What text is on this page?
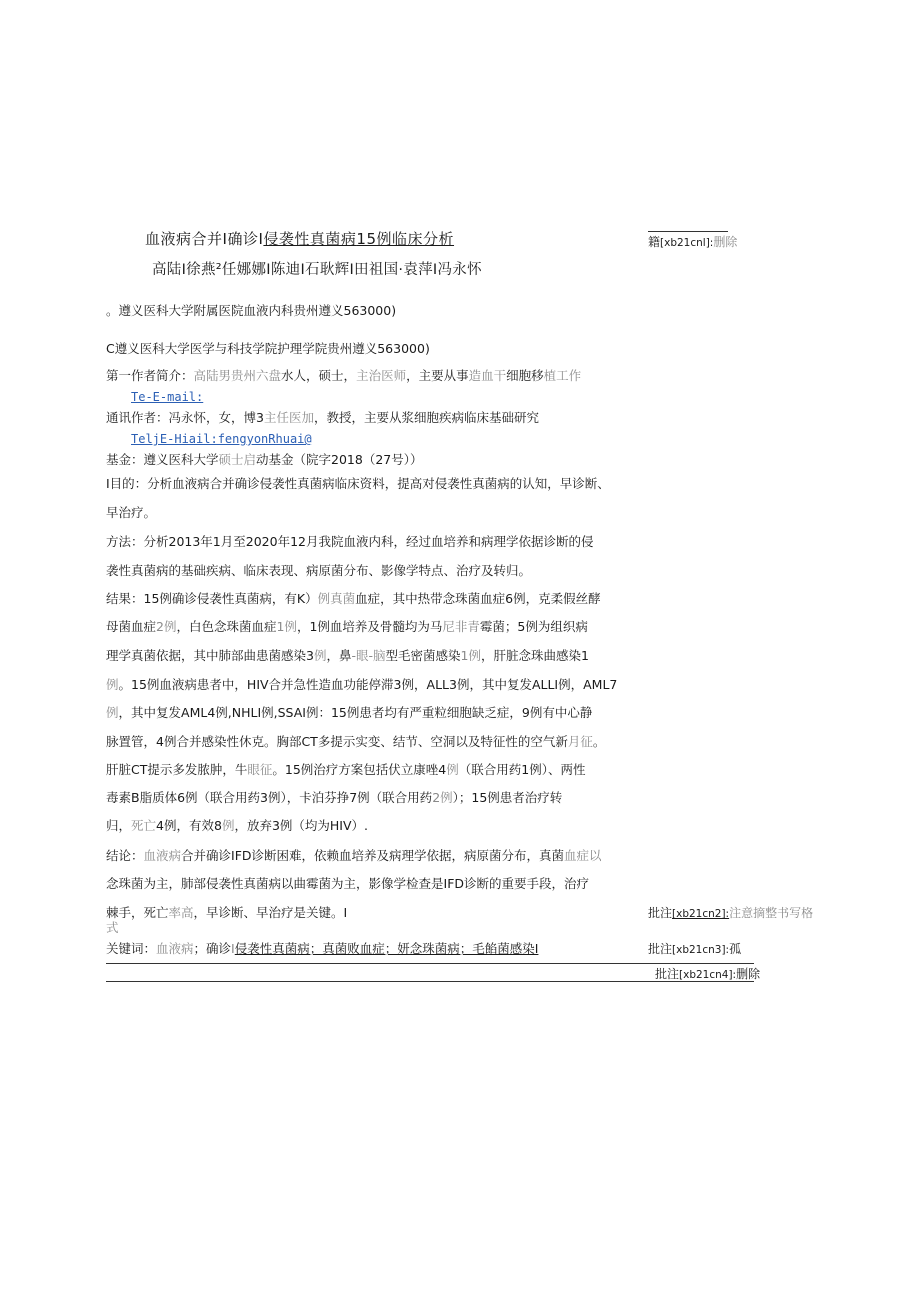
血液病合并I确诊I侵袭性真菌病15例临床分析
高陆I徐燕²任娜娜I陈迪I石耿辉I田祖国·袁萍I冯永怀
。遵义医科大学附属医院血液内科贵州遵义563000)
C遵义医科大学医学与科技学院护理学院贵州遵义563000)
第一作者简介：高陆男贵州六盘水人，硕士，主治医师，主要从事造血干细胞移植工作
Te-E-mail:
通讯作者：冯永怀，女，博3主任医加，教授，主要从浆细胞疾病临床基础研究
TeljE-Hiail:fengyonRhuai@
基金：遵义医科大学硕士启动基金（院字2018（27号））
I目的：分析血液病合并确诊侵袭性真菌病临床资料，提高对侵袭性真菌病的认知，早诊断、
早治疗。
方法：分析2013年1月至2020年12月我院血液内科，经过血培养和病理学依据诊断的侵
袭性真菌病的基础疾病、临床表现、病原菌分布、影像学特点、治疗及转归。
结果：15例确诊侵袭性真菌病，有K）例真菌血症，其中热带念珠菌血症6例，克柔假丝酵
母菌血症2例，白色念珠菌血症1例，1例血培养及骨髓均为马尼非青霉菌；5例为组织病
理学真菌依据，其中肺部曲患菌感染3例，鼻-眼-脑型毛密菌感染1例，肝脏念珠曲感染1
例。15例血液病患者中，HIV合并急性造血功能停滞3例，ALL3例，其中复发ALLI例，AML7
例，其中复发AML4例,NHLI例,SSAI例：15例患者均有严重粒细胞缺乏症，9例有中心静
脉置管，4例合并感染性休克。胸部CT多提示实变、结节、空洞以及特征性的空气新月征。
肝脏CT提示多发脓肿，牛眼征。15例治疗方案包括伏立康唑4例（联合用药1例）、两性
毒素B脂质体6例（联合用药3例），卡泊芬挣7例（联合用药2例）；15例患者治疗转
归，死亡4例，有效8例，放弃3例（均为HIV）.
结论：血液病合并确诊IFD诊断困难，依赖血培养及病理学依据，病原菌分布，真菌血症以
念珠菌为主，肺部侵袭性真菌病以曲霉菌为主，影像学检查是IFD诊断的重要手段，治疗
棘手，死亡率高，早诊断、早治疗是关键。I
式
关键词：血液病；确诊I侵袭性真菌病；真菌败血症；妍念珠菌病；毛餡菌感染I
籍[xb21cnl]:删除
批注[xb21cn2]:注意摘整书写格
批注[xb21cn3]:孤
批注[xb21cn4]:删除
